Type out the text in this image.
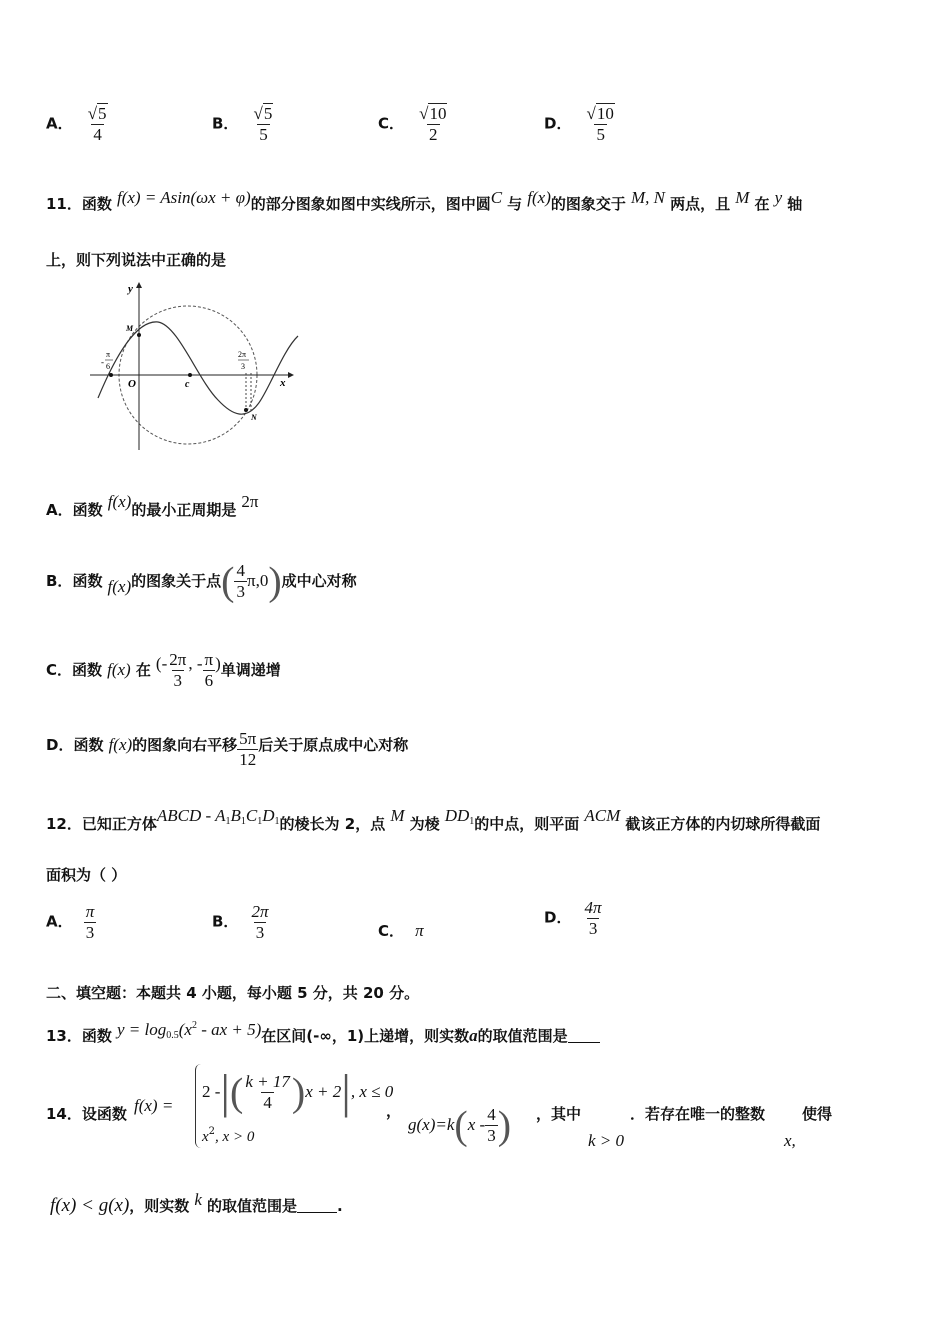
A． $\frac{√5}{4}$	B． $\frac{√5}{5}$	C． $\frac{√10}{2}$	D． $\frac{√10}{5}$
11．函数 f(x) = Asin(ωx + φ)的部分图象如图中实线所示，图中圆C 与 f(x)的图象交于 M, N 两点，且 M 在 y 轴
上，则下列说法中正确的是
y
x
O	c
M
N
-
π
6
2π
3
A．函数 f(x)的最小正周期是 2π
B．函数 f(x)的图象关于点( $\frac{4}{3} \pi,0$)成中心对称
C．函数 f(x) 在 (- $\frac{2\pi}{3}$ , - $\frac{\pi}{6}$ )单调递增
D．函数 f(x)的图象向右平移 $\frac{5\pi}{12}$ 后关于原点成中心对称
12．已知正方体ABCD - $A_1B_1C_1D_1$的棱长为 2，点 M 为棱 $DD_1$的中点，则平面 ACM 截该正方体的内切球所得截面
面积为（ ）
A． $\frac{\pi}{3}$	B． $\frac{2\pi}{3}$	C． π
D． $\frac{4\pi}{3}$
二、填空题：本题共 4 小题，每小题 5 分，共 20 分。
13．函数 $y = \log_{0.5}(x^2$ - ax + 5)在区间(-∞，1)上递增，则实数a的取值范围是
14．设函数 f(x) =
2 -|( $\frac{k + 17}{4} )x + 2|$, x ≤ 0
$x^2$, x > 0
，
$g(x)=k(x - \frac{4}{3}$ ) ，其中
k > 0
．若存在唯一的整数
x,
使得
f(x) < g(x)，则实数 k 的取值范围是	.
